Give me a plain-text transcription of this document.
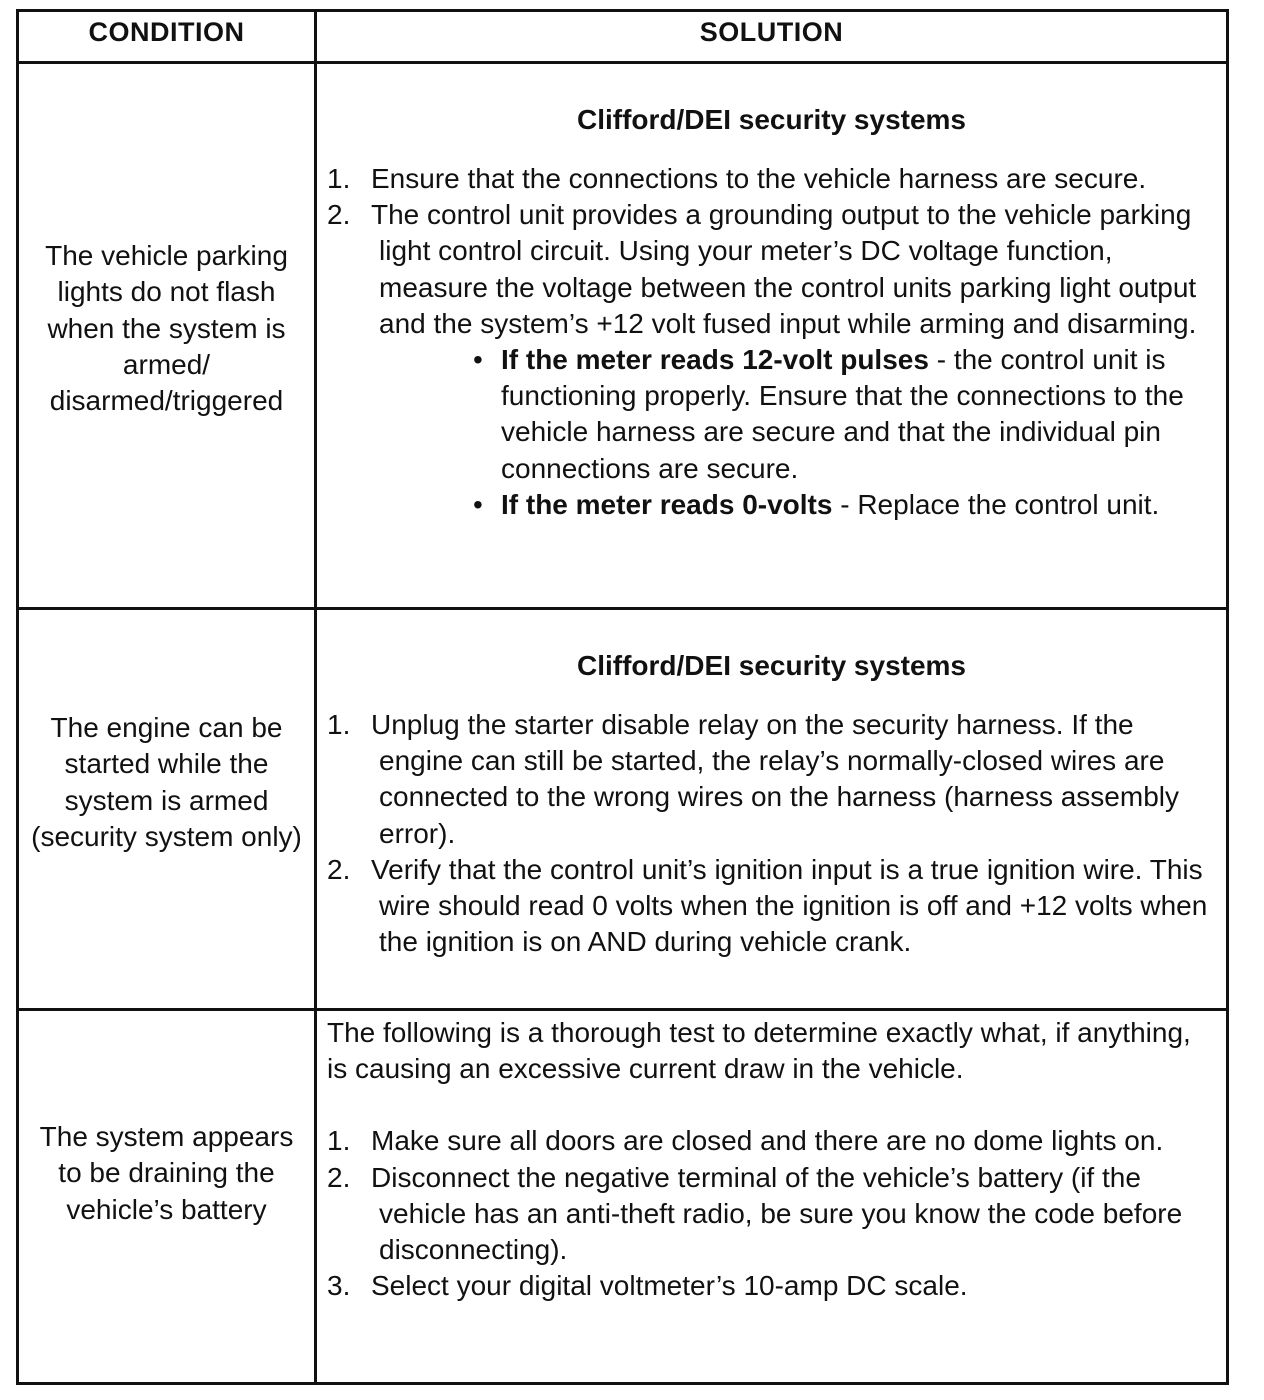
CONDITION	SOLUTION
The vehicle parking lights do not flash when the system is armed/ disarmed/triggered
Clifford/DEI security systems
1. Ensure that the connections to the vehicle harness are secure.
2. The control unit provides a grounding output to the vehicle parking light control circuit. Using your meter’s DC voltage function, measure the voltage between the control units parking light output and the system’s +12 volt fused input while arming and disarming.
• If the meter reads 12-volt pulses - the control unit is functioning properly. Ensure that the connections to the vehicle harness are secure and that the individual pin connections are secure.
• If the meter reads 0-volts - Replace the control unit.
The engine can be started while the system is armed (security system only)
Clifford/DEI security systems
1. Unplug the starter disable relay on the security harness. If the engine can still be started, the relay’s normally-closed wires are connected to the wrong wires on the harness (harness assembly error).
2. Verify that the control unit’s ignition input is a true ignition wire. This wire should read 0 volts when the ignition is off and +12 volts when the ignition is on AND during vehicle crank.
The system appears to be draining the vehicle’s battery
The following is a thorough test to determine exactly what, if anything, is causing an excessive current draw in the vehicle.
1. Make sure all doors are closed and there are no dome lights on.
2. Disconnect the negative terminal of the vehicle’s battery (if the vehicle has an anti-theft radio, be sure you know the code before disconnecting).
3. Select your digital voltmeter’s 10-amp DC scale.
